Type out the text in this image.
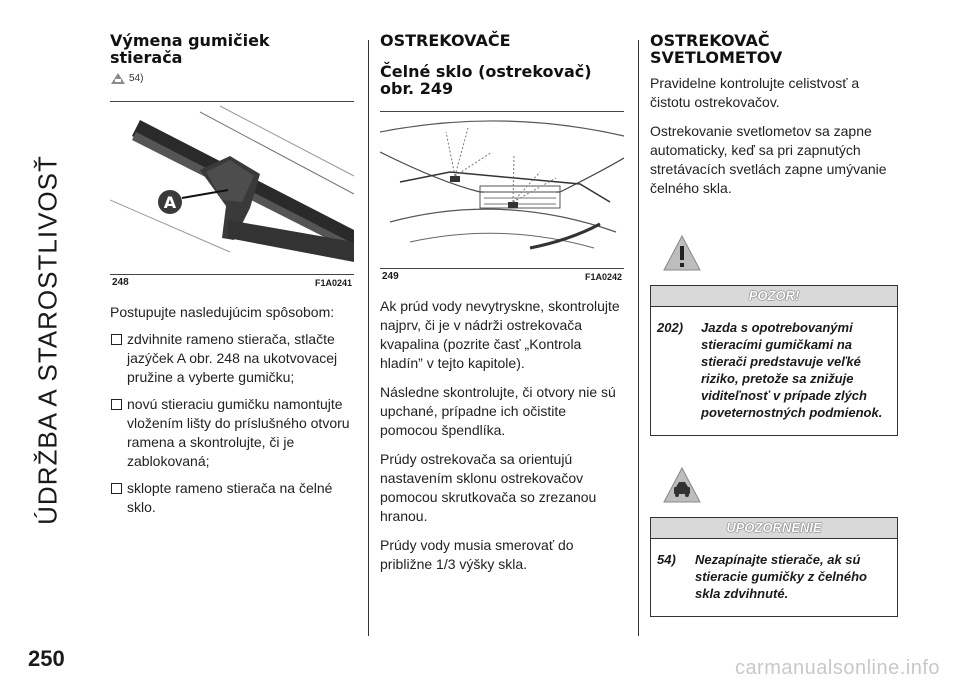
ÚDRŽBA A STAROSTLIVOSŤ
250
Výmena gumičiek
stierača
54)
A
248	F1A0241

Postupujte nasledujúcim spôsobom:

zdvihnite rameno stierača, stlačte jazýček A obr. 248 na ukotvovacej pružine a vyberte gumičku;
novú stieraciu gumičku namontujte vložením lišty do príslušného otvoru ramena a skontrolujte, či je zablokovaná;
sklopte rameno stierača na čelné sklo.
OSTREKOVAČE
Čelné sklo (ostrekovač)
obr. 249
249	F1A0242

Ak prúd vody nevytryskne, skontrolujte najprv, či je v nádrži ostrekovača kvapalina (pozrite časť „Kontrola hladín” v tejto kapitole).

Následne skontrolujte, či otvory nie sú upchané, prípadne ich očistite pomocou špendlíka.

Prúdy ostrekovača sa orientujú nastavením sklonu ostrekovačov pomocou skrutkovača so zrezanou hranou.

Prúdy vody musia smerovať do približne 1/3 výšky skla.

OSTREKOVAČ
SVETLOMETOV

Pravidelne kontrolujte celistvosť a čistotu ostrekovačov.

Ostrekovanie svetlometov sa zapne automaticky, keď sa pri zapnutých stretávacích svetlách zapne umývanie čelného skla.

POZOR!
202)	Jazda s opotrebovanými stieracími gumičkami na stierači predstavuje veľké riziko, pretože sa znižuje viditeľnosť v prípade zlých poveternostných podmienok.
UPOZORNENIE
54)	Nezapínajte stierače, ak sú stieracie gumičky z čelného skla zdvihnuté.
carmanualsonline.info
